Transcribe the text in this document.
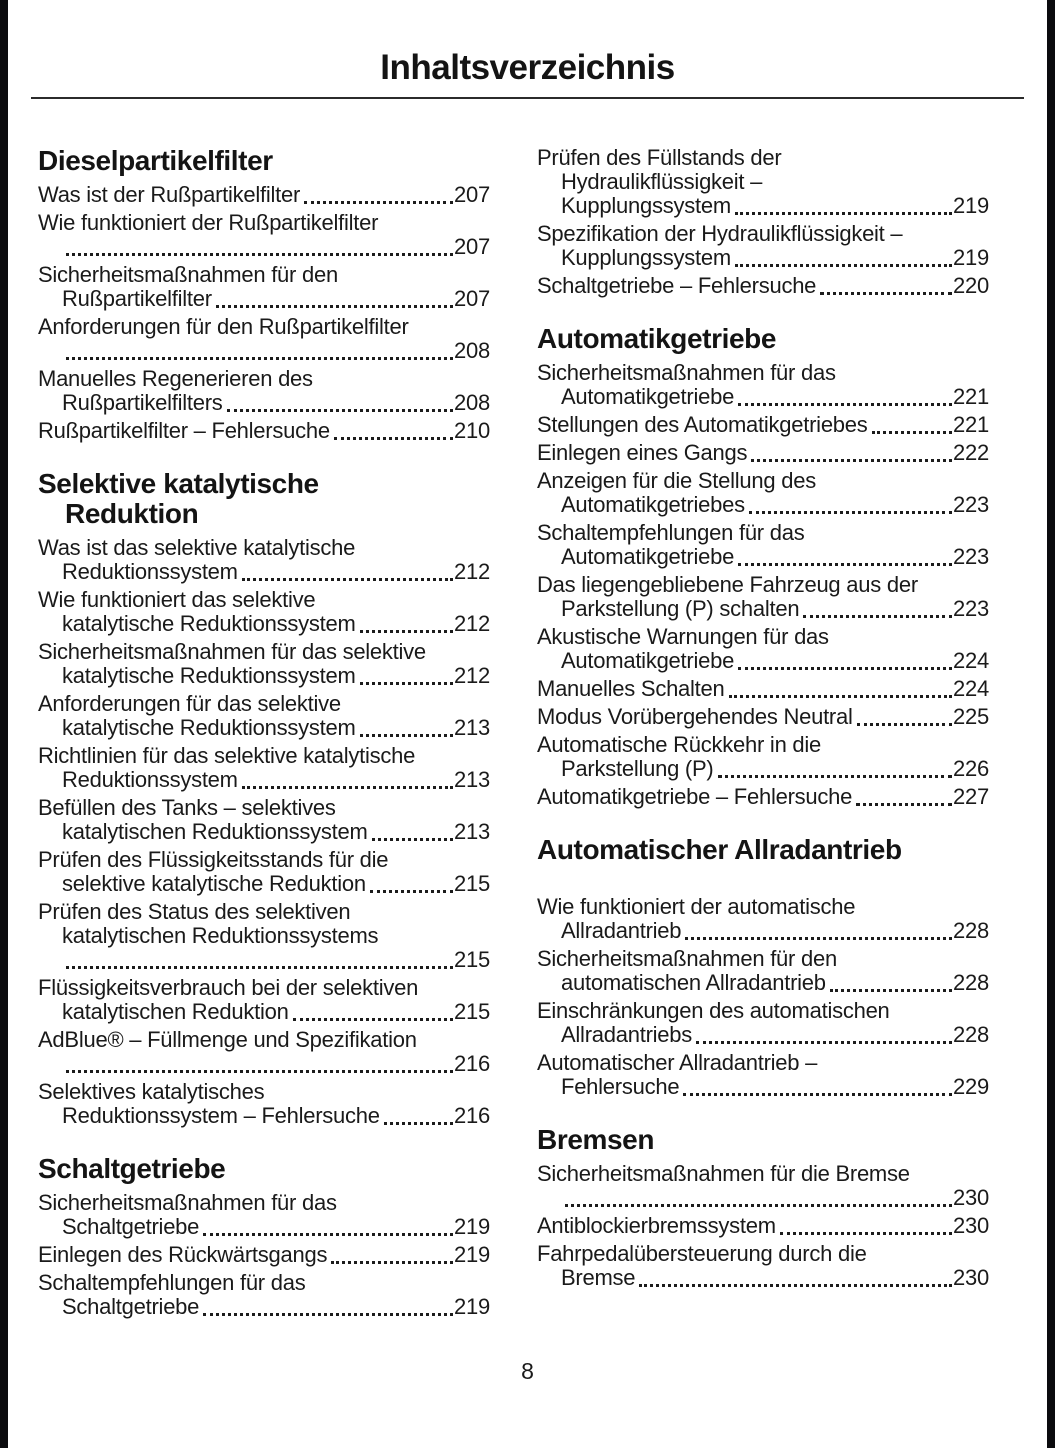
Inhaltsverzeichnis
Dieselpartikelfilter
Was ist der Rußpartikelfilter	207
Wie funktioniert der Rußpartikelfilter
207
Sicherheitsmaßnahmen für den
Rußpartikelfilter	207
Anforderungen für den Rußpartikelfilter
208
Manuelles Regenerieren des
Rußpartikelfilters	208
Rußpartikelfilter – Fehlersuche	210
Selektive katalytische
Reduktion
Was ist das selektive katalytische
Reduktionssystem	212
Wie funktioniert das selektive
katalytische Reduktionssystem	212
Sicherheitsmaßnahmen für das selektive
katalytische Reduktionssystem	212
Anforderungen für das selektive
katalytische Reduktionssystem	213
Richtlinien für das selektive katalytische
Reduktionssystem	213
Befüllen des Tanks – selektives
katalytischen Reduktionssystem	213
Prüfen des Flüssigkeitsstands für die
selektive katalytische Reduktion	215
Prüfen des Status des selektiven
katalytischen Reduktionssystems
215
Flüssigkeitsverbrauch bei der selektiven
katalytischen Reduktion	215
AdBlue® – Füllmenge und Spezifikation
216
Selektives katalytisches
Reduktionssystem – Fehlersuche	216
Schaltgetriebe
Sicherheitsmaßnahmen für das
Schaltgetriebe	219
Einlegen des Rückwärtsgangs	219
Schaltempfehlungen für das
Schaltgetriebe	219
Prüfen des Füllstands der
Hydraulikflüssigkeit –
Kupplungssystem	219
Spezifikation der Hydraulikflüssigkeit –
Kupplungssystem	219
Schaltgetriebe – Fehlersuche	220
Automatikgetriebe
Sicherheitsmaßnahmen für das
Automatikgetriebe	221
Stellungen des Automatikgetriebes	221
Einlegen eines Gangs	222
Anzeigen für die Stellung des
Automatikgetriebes	223
Schaltempfehlungen für das
Automatikgetriebe	223
Das liegengebliebene Fahrzeug aus der
Parkstellung (P) schalten	223
Akustische Warnungen für das
Automatikgetriebe	224
Manuelles Schalten	224
Modus Vorübergehendes Neutral	225
Automatische Rückkehr in die
Parkstellung (P)	226
Automatikgetriebe – Fehlersuche	227
Automatischer Allradantrieb
Wie funktioniert der automatische
Allradantrieb	228
Sicherheitsmaßnahmen für den
automatischen Allradantrieb	228
Einschränkungen des automatischen
Allradantriebs	228
Automatischer Allradantrieb –
Fehlersuche	229
Bremsen
Sicherheitsmaßnahmen für die Bremse
230
Antiblockierbremssystem	230
Fahrpedalübersteuerung durch die
Bremse	230
8
